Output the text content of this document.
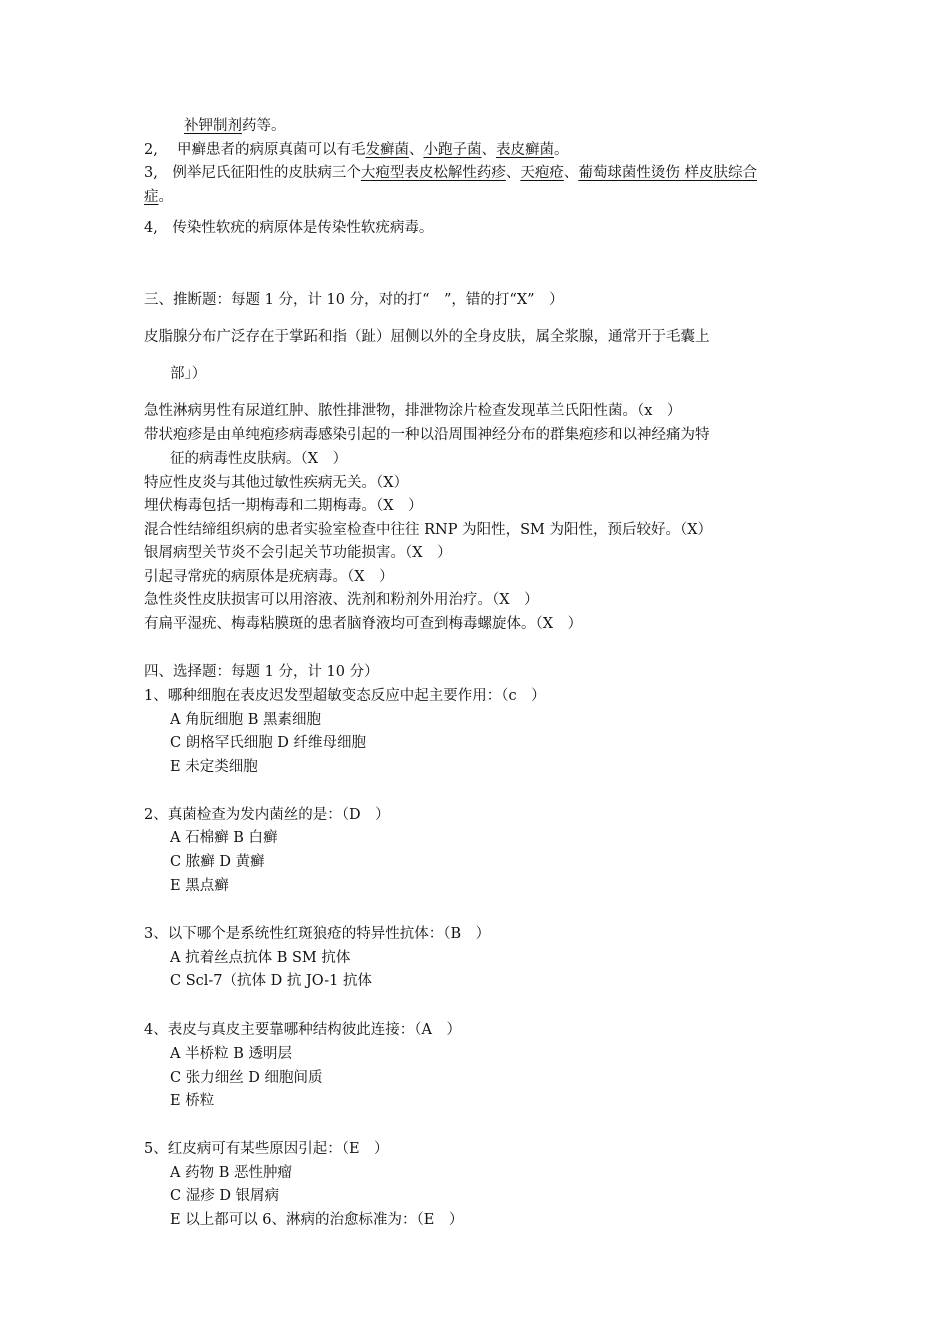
补钾制剂药等。
2,　 甲癣患者的病原真菌可以有毛发癣菌、小跑子菌、表皮癣菌。
3,　例举尼氏征阳性的皮肤病三个大疱型表皮松解性药疹、天疱疮、葡萄球菌性烫伤 样皮肤综合
症。
4,　传染性软疣的病原体是传染性软疣病毒。
三、推断题：每题 1 分，计 10 分，对的打“　”，错的打“X”　）
皮脂腺分布广泛存在于掌跖和指（趾）屈侧以外的全身皮肤，属全浆腺，通常开于毛囊上
部」）
急性淋病男性有尿道红肿、脓性排泄物，排泄物涂片检查发现革兰氏阳性菌。（x　）
带状疱疹是由单纯疱疹病毒感染引起的一种以沿周围神经分布的群集疱疹和以神经痛为特
征的病毒性皮肤病。（X　）
特应性皮炎与其他过敏性疾病无关。（X）
埋伏梅毒包括一期梅毒和二期梅毒。（X　）
混合性结缔组织病的患者实验室检查中往往 RNP 为阳性，SM 为阳性，预后较好。（X）
银屑病型关节炎不会引起关节功能损害。（X　）
引起寻常疣的病原体是疣病毒。（X　）
急性炎性皮肤损害可以用溶液、洗剂和粉剂外用治疗。（X　）
有扁平湿疣、梅毒粘膜斑的患者脑脊液均可查到梅毒螺旋体。（X　）
四、选择题：每题 1 分，计 10 分）
1、哪种细胞在表皮迟发型超敏变态反应中起主要作用：（c　）
A 角朊细胞 B 黑素细胞
C 朗格罕氏细胞 D 纤维母细胞
E 未定类细胞
2、真菌检查为发内菌丝的是：（D　）
A 石棉癣 B 白癣
C 脓癣 D 黄癣
E 黑点癣
3、以下哪个是系统性红斑狼疮的特异性抗体：（B　）
A 抗着丝点抗体 B SM 抗体
C Scl-7（抗体 D 抗 JO-1 抗体
4、表皮与真皮主要靠哪种结构彼此连接：（A　）
A 半桥粒 B 透明层
C 张力细丝 D 细胞间质
E 桥粒
5、红皮病可有某些原因引起：（E　）
A 药物 B 恶性肿瘤
C 湿疹 D 银屑病
E 以上都可以 6、淋病的治愈标准为：（E　）
